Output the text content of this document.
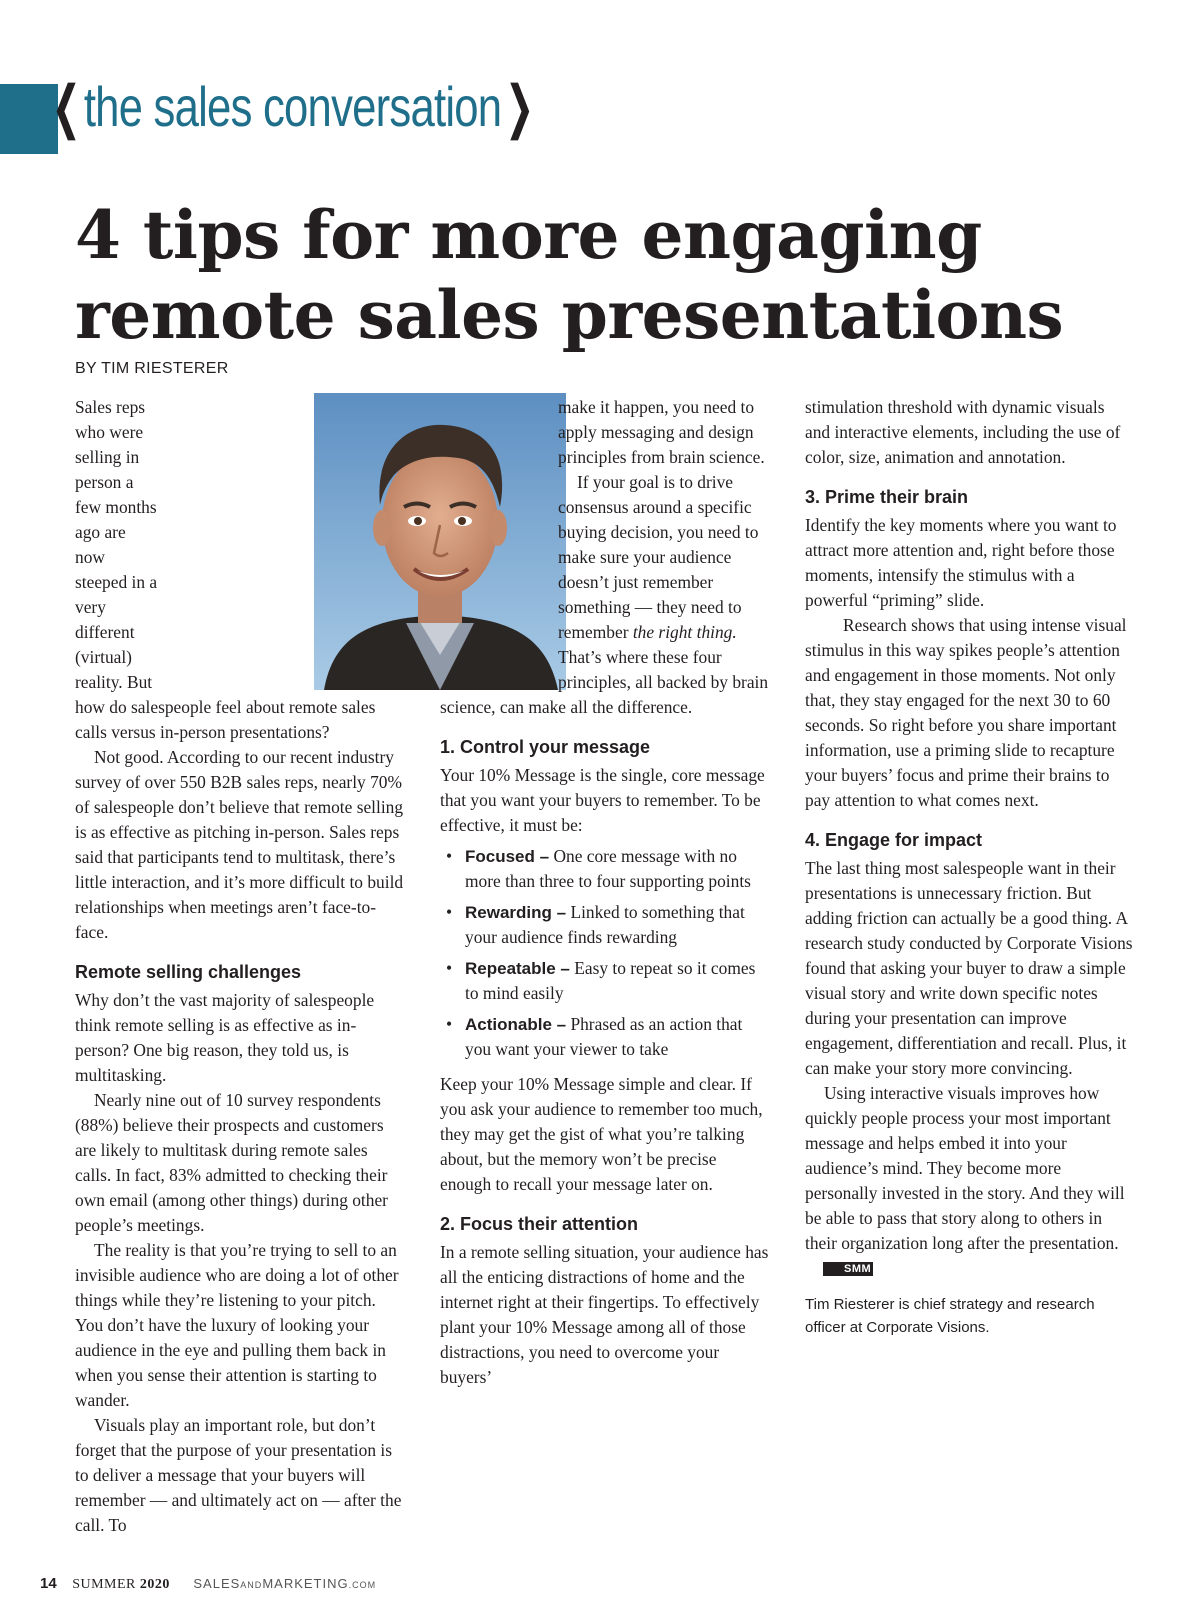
❬the sales conversation❭
4 tips for more engaging
remote sales presentations
BY TIM RIESTERER

Sales reps who were selling in person a few months ago are now steeped in a very different (virtual) reality. But how do salespeople feel about remote sales calls versus in-person presentations?

Not good. According to our recent industry survey of over 550 B2B sales reps, nearly 70% of salespeople don’t believe that remote selling is as effective as pitching in-person. Sales reps said that participants tend to multitask, there’s little interaction, and it’s more difficult to build relationships when meetings aren’t face-to-face.

Remote selling challenges

Why don’t the vast majority of salespeople think remote selling is as effective as in-person? One big reason, they told us, is multitasking.

Nearly nine out of 10 survey respondents (88%) believe their prospects and customers are likely to multitask during remote sales calls. In fact, 83% admitted to checking their own email (among other things) during other people’s meetings.

The reality is that you’re trying to sell to an invisible audience who are doing a lot of other things while they’re listening to your pitch. You don’t have the luxury of looking your audience in the eye and pulling them back in when you sense their attention is starting to wander.

Visuals play an important role, but don’t forget that the purpose of your presentation is to deliver a message that your buyers will remember — and ultimately act on — after the call. To

make it happen, you need to apply messaging and design principles from brain science.

If your goal is to drive consensus around a specific buying decision, you need to make sure your audience doesn’t just remember something — they need to remember the right thing. That’s where these four principles, all backed by brain science, can make all the difference.

1. Control your message

Your 10% Message is the single, core message that you want your buyers to remember. To be effective, it must be:

• Focused – One core message with no more than three to four supporting points
• Rewarding – Linked to something that your audience finds rewarding
• Repeatable – Easy to repeat so it comes to mind easily
• Actionable – Phrased as an action that you want your viewer to take

Keep your 10% Message simple and clear. If you ask your audience to remember too much, they may get the gist of what you’re talking about, but the memory won’t be precise enough to recall your message later on.

2. Focus their attention

In a remote selling situation, your audience has all the enticing distractions of home and the internet right at their fingertips. To effectively plant your 10% Message among all of those distractions, you need to overcome your buyers’

stimulation threshold with dynamic visuals and interactive elements, including the use of color, size, animation and annotation.

3. Prime their brain

Identify the key moments where you want to attract more attention and, right before those moments, intensify the stimulus with a powerful “priming” slide.

Research shows that using intense visual stimulus in this way spikes people’s attention and engagement in those moments. Not only that, they stay engaged for the next 30 to 60 seconds. So right before you share important information, use a priming slide to recapture your buyers’ focus and prime their brains to pay attention to what comes next.

4. Engage for impact

The last thing most salespeople want in their presentations is unnecessary friction. But adding friction can actually be a good thing. A research study conducted by Corporate Visions found that asking your buyer to draw a simple visual story and write down specific notes during your presentation can improve engagement, differentiation and recall. Plus, it can make your story more convincing.

Using interactive visuals improves how quickly people process your most important message and helps embed it into your audience’s mind. They become more personally invested in the story. And they will be able to pass that story along to others in their organization long after the presentation.SMM

Tim Riesterer is chief strategy and research officer at Corporate Visions.

14 SUMMER 2020 SALESANDMARKETING.COM
